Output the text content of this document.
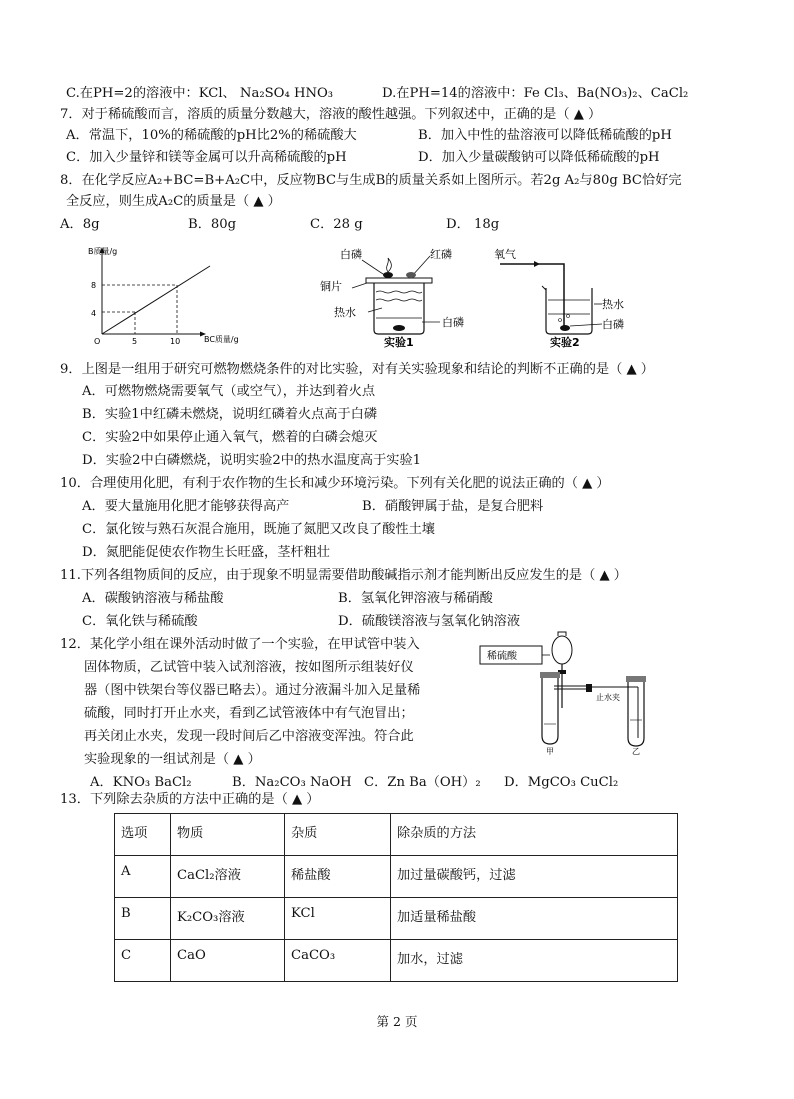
C.在PH=2的溶液中：KCl、 Na₂SO₄ HNO₃	D.在PH=14的溶液中：Fe Cl₃、Ba(NO₃)₂、CaCl₂
7．对于稀硫酸而言，溶质的质量分数越大，溶液的酸性越强。下列叙述中，正确的是（ ▲ ）
A．常温下，10%的稀硫酸的pH比2%的稀硫酸大	B．加入中性的盐溶液可以降低稀硫酸的pH
C．加入少量锌和镁等金属可以升高稀硫酸的pH	D．加入少量碳酸钠可以降低稀硫酸的pH
8．在化学反应A₂+BC=B+A₂C中，反应物BC与生成B的质量关系如上图所示。若2g A₂与80g BC恰好完
全反应，则生成A₂C的质量是（ ▲ ）
A．8g	B．80g	C．28 g	D． 18g
B质量/g
BC质量/g
8
4
O	5	10
白磷	红磷
铜片
热水
白磷
实验1
氧气
热水
白磷
实验2
9．上图是一组用于研究可燃物燃烧条件的对比实验，对有关实验现象和结论的判断不正确的是（ ▲ ）
A．可燃物燃烧需要氧气（或空气），并达到着火点
B．实验1中红磷未燃烧，说明红磷着火点高于白磷
C．实验2中如果停止通入氧气，燃着的白磷会熄灭
D．实验2中白磷燃烧，说明实验2中的热水温度高于实验1
10．合理使用化肥，有利于农作物的生长和减少环境污染。下列有关化肥的说法正确的（ ▲ ）
A．要大量施用化肥才能够获得高产	B．硝酸钾属于盐，是复合肥料
C．氯化铵与熟石灰混合施用，既施了氮肥又改良了酸性土壤
D．氮肥能促使农作物生长旺盛，茎杆粗壮
11.下列各组物质间的反应，由于现象不明显需要借助酸碱指示剂才能判断出反应发生的是（ ▲ ）
A．碳酸钠溶液与稀盐酸	B．氢氧化钾溶液与稀硝酸
C．氧化铁与稀硫酸	D．硫酸镁溶液与氢氧化钠溶液
12．某化学小组在课外活动时做了一个实验，在甲试管中装入
固体物质，乙试管中装入试剂溶液，按如图所示组装好仪
器（图中铁架台等仪器已略去）。通过分液漏斗加入足量稀
硫酸，同时打开止水夹，看到乙试管液体中有气泡冒出；
再关闭止水夹，发现一段时间后乙中溶液变浑浊。符合此
实验现象的一组试剂是（ ▲ ）
A．KNO₃ BaCl₂	B．Na₂CO₃ NaOH C．Zn Ba（OH）₂ D．MgCO₃ CuCl₂
稀硫酸
止水夹
甲	乙
13．下列除去杂质的方法中正确的是（ ▲ ）
选项	物质	杂质	除杂质的方法
A	CaCl₂溶液	稀盐酸	加过量碳酸钙，过滤
B	K₂CO₃溶液	KCl	加适量稀盐酸
C	CaO	CaCO₃	加水，过滤
第 2 页
